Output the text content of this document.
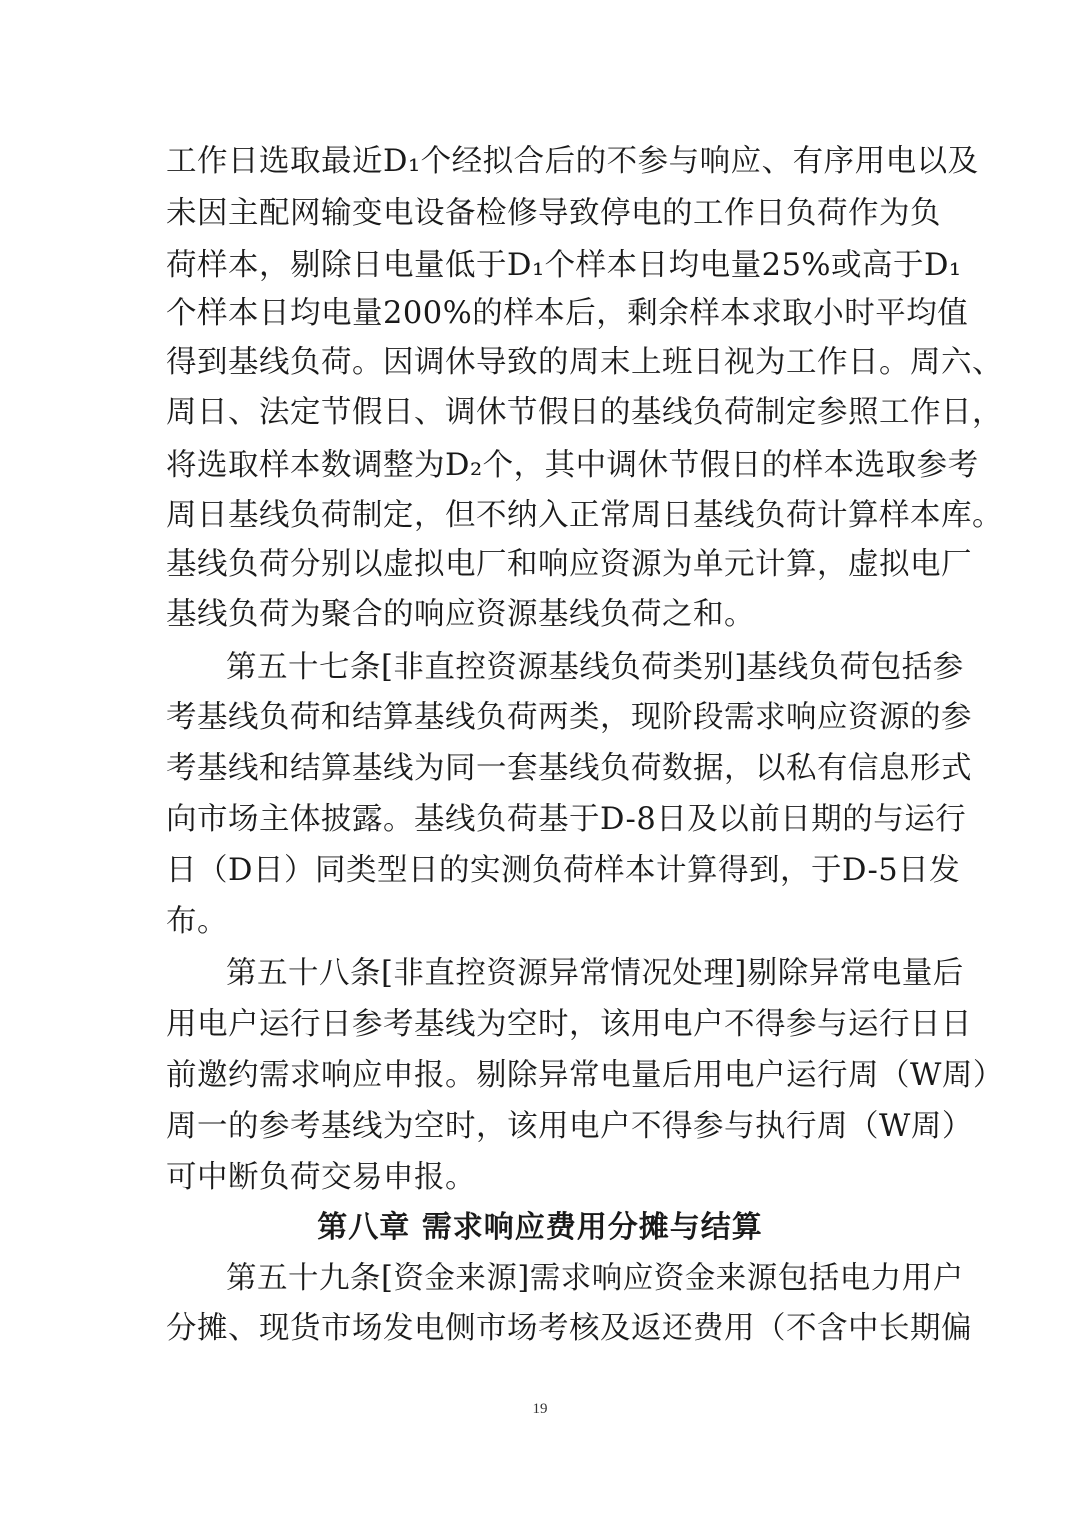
工作日选取最近D₁个经拟合后的不参与响应、有序用电以及
未因主配网输变电设备检修导致停电的工作日负荷作为负
荷样本，剔除日电量低于D₁个样本日均电量25%或高于D₁
个样本日均电量200%的样本后，剩余样本求取小时平均值
得到基线负荷。因调休导致的周末上班日视为工作日。周六、
周日、法定节假日、调休节假日的基线负荷制定参照工作日，
将选取样本数调整为D₂个，其中调休节假日的样本选取参考
周日基线负荷制定，但不纳入正常周日基线负荷计算样本库。
基线负荷分别以虚拟电厂和响应资源为单元计算，虚拟电厂
基线负荷为聚合的响应资源基线负荷之和。
第五十七条[非直控资源基线负荷类别]基线负荷包括参
考基线负荷和结算基线负荷两类，现阶段需求响应资源的参
考基线和结算基线为同一套基线负荷数据，以私有信息形式
向市场主体披露。基线负荷基于D-8日及以前日期的与运行
日（D日）同类型日的实测负荷样本计算得到，于D-5日发
布。
第五十八条[非直控资源异常情况处理]剔除异常电量后
用电户运行日参考基线为空时，该用电户不得参与运行日日
前邀约需求响应申报。剔除异常电量后用电户运行周（W周）
周一的参考基线为空时，该用电户不得参与执行周（W周）
可中断负荷交易申报。
第八章 需求响应费用分摊与结算
第五十九条[资金来源]需求响应资金来源包括电力用户
分摊、现货市场发电侧市场考核及返还费用（不含中长期偏
19
